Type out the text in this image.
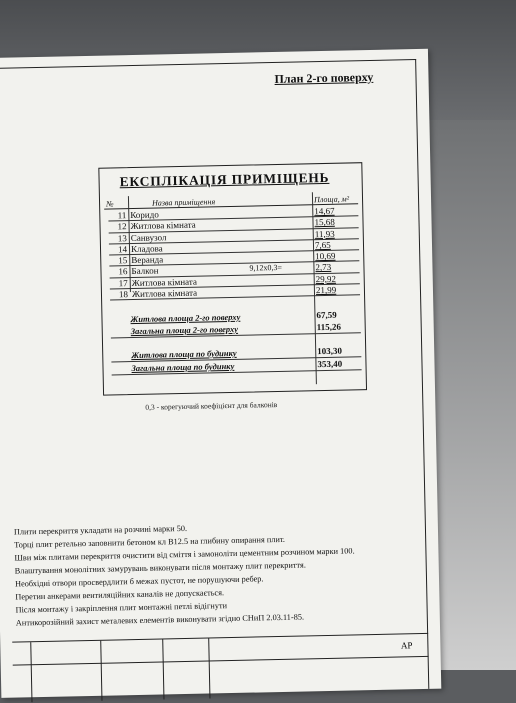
План 2-го поверху
ЕКСПЛІКАЦІЯ ПРИМІЩЕНЬ
№	Назва приміщення	Площа, м²
11 Коридо	14,67
12 Житлова кімната	15,68
13 Санвузол	11,93
14 Кладова	7,65
15 Веранда	10,69
16 Балкон	9,12х0,3=	2,73
17 Житлова кімната	29,92
18 Житлова кімната	21,99
Житлова площа 2-го поверху	67,59
Загальна площа 2-го поверху	115,26
Житлова площа по будинку	103,30
Загальна площа по будинку	353,40
0,3 - корегуючий коефіцієнт для балконів
Плити перекриття укладати на розчині марки 50.
Торці плит ретельно заповнити бетоном кл В12.5 на глибину опирання плит.
Шви між плитами перекриття очистити від сміття і замоноліти цементним розчином марки 100.
Влаштування монолітних замурувань виконувати після монтажу плит перекриття.
Необхідні отвори просвердлити б межах пустот, не порушуючи ребер.
Перетин анкерами вентиляційних каналів не допускається.
Після монтажу і закріплення плит монтажні петлі відігнути
Антикорозійний захист металевих елементів виконувати згідно СНиП 2.03.11-85.
АР
